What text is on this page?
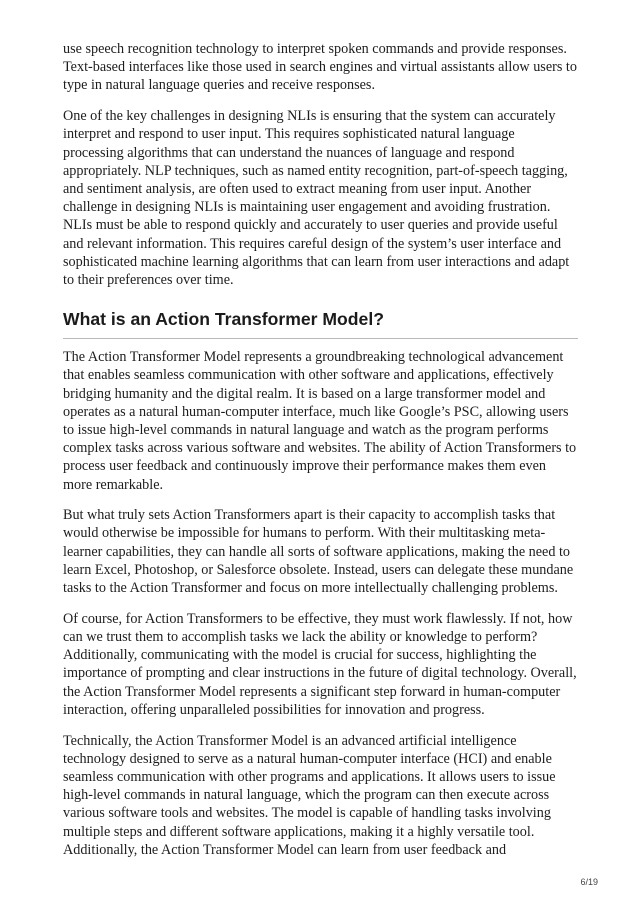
use speech recognition technology to interpret spoken commands and provide responses. Text-based interfaces like those used in search engines and virtual assistants allow users to type in natural language queries and receive responses.

One of the key challenges in designing NLIs is ensuring that the system can accurately interpret and respond to user input. This requires sophisticated natural language processing algorithms that can understand the nuances of language and respond appropriately. NLP techniques, such as named entity recognition, part-of-speech tagging, and sentiment analysis, are often used to extract meaning from user input. Another challenge in designing NLIs is maintaining user engagement and avoiding frustration. NLIs must be able to respond quickly and accurately to user queries and provide useful and relevant information. This requires careful design of the system’s user interface and sophisticated machine learning algorithms that can learn from user interactions and adapt to their preferences over time.

What is an Action Transformer Model?

The Action Transformer Model represents a groundbreaking technological advancement that enables seamless communication with other software and applications, effectively bridging humanity and the digital realm. It is based on a large transformer model and operates as a natural human-computer interface, much like Google’s PSC, allowing users to issue high-level commands in natural language and watch as the program performs complex tasks across various software and websites. The ability of Action Transformers to process user feedback and continuously improve their performance makes them even more remarkable.

But what truly sets Action Transformers apart is their capacity to accomplish tasks that would otherwise be impossible for humans to perform. With their multitasking meta-learner capabilities, they can handle all sorts of software applications, making the need to learn Excel, Photoshop, or Salesforce obsolete. Instead, users can delegate these mundane tasks to the Action Transformer and focus on more intellectually challenging problems.

Of course, for Action Transformers to be effective, they must work flawlessly. If not, how can we trust them to accomplish tasks we lack the ability or knowledge to perform? Additionally, communicating with the model is crucial for success, highlighting the importance of prompting and clear instructions in the future of digital technology. Overall, the Action Transformer Model represents a significant step forward in human-computer interaction, offering unparalleled possibilities for innovation and progress.

Technically, the Action Transformer Model is an advanced artificial intelligence technology designed to serve as a natural human-computer interface (HCI) and enable seamless communication with other programs and applications. It allows users to issue high-level commands in natural language, which the program can then execute across various software tools and websites. The model is capable of handling tasks involving multiple steps and different software applications, making it a highly versatile tool. Additionally, the Action Transformer Model can learn from user feedback and

6/19
